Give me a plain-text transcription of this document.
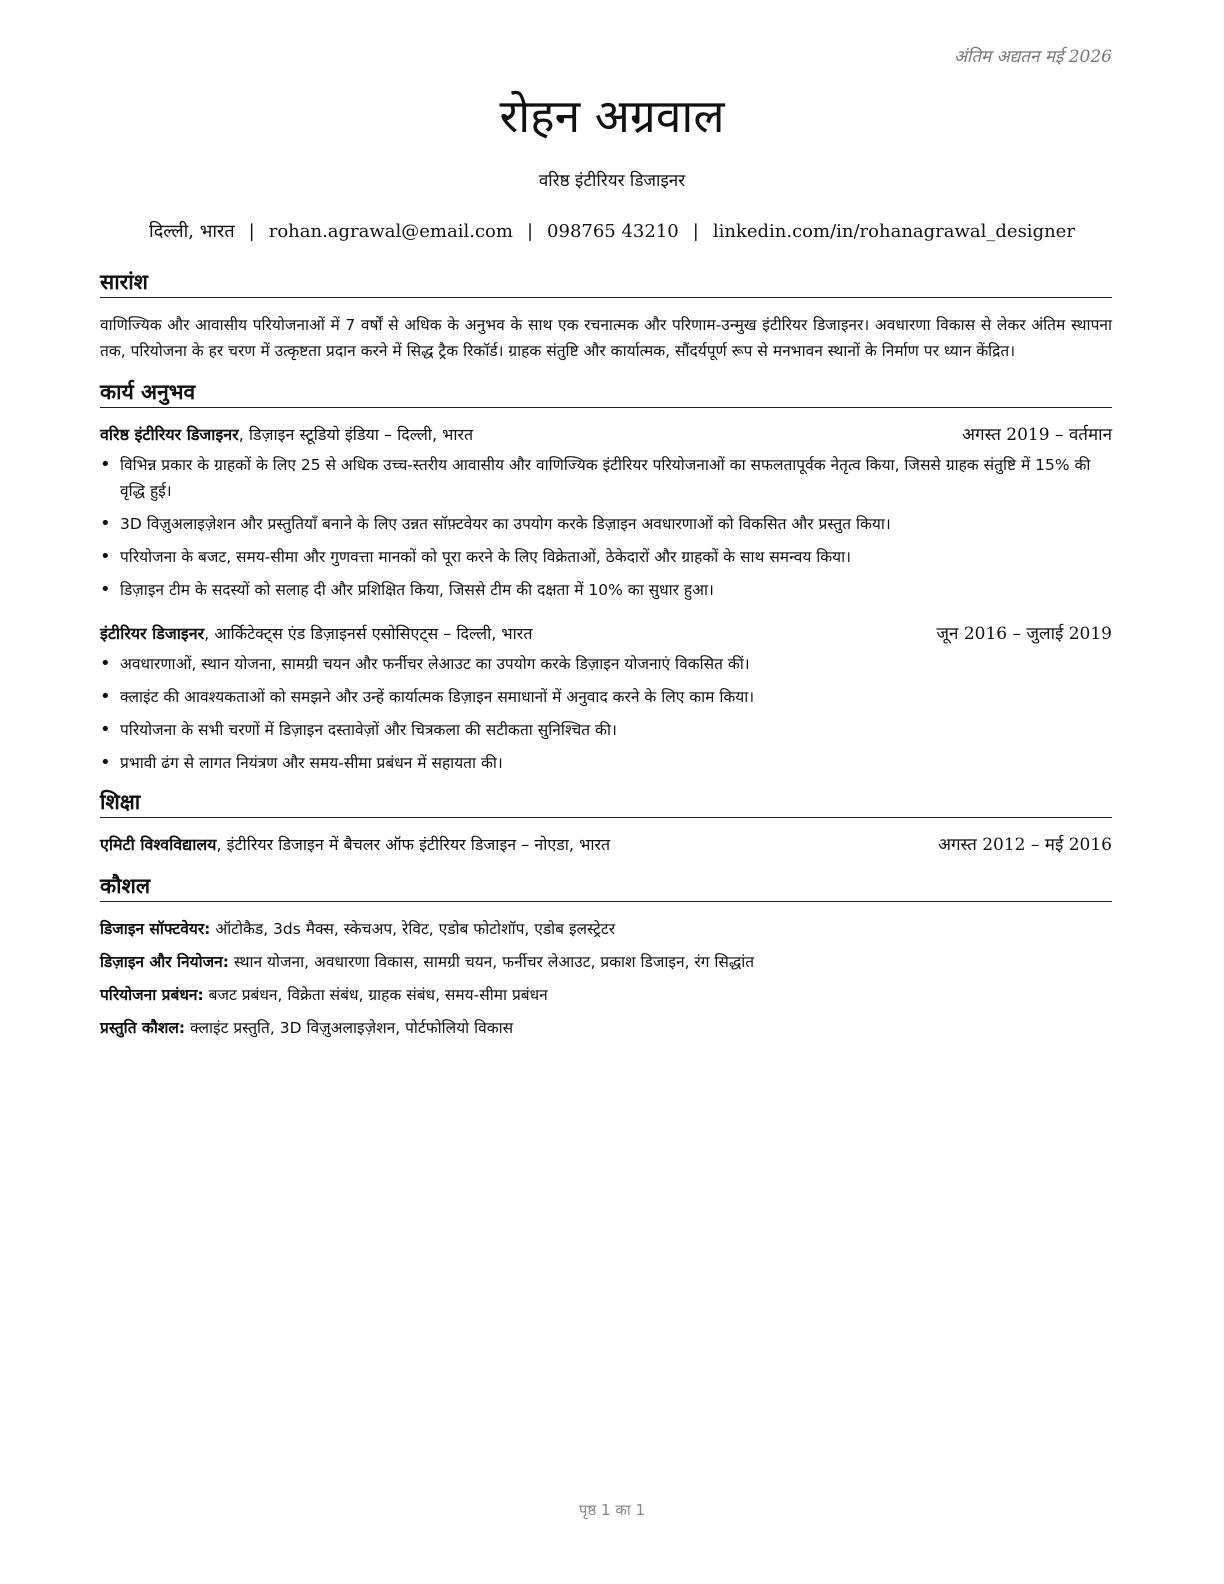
अंतिम अद्यतन मई 2026
रोहन अग्रवाल
वरिष्ठ इंटीरियर डिजाइनर
दिल्ली, भारत | rohan.agrawal@email.com | 098765 43210 | linkedin.com/in/rohanagrawal_designer
सारांश

वाणिज्यिक और आवासीय परियोजनाओं में 7 वर्षों से अधिक के अनुभव के साथ एक रचनात्मक और परिणाम-उन्मुख इंटीरियर डिजाइनर। अवधारणा विकास से लेकर अंतिम स्थापना तक, परियोजना के हर चरण में उत्कृष्टता प्रदान करने में सिद्ध ट्रैक रिकॉर्ड। ग्राहक संतुष्टि और कार्यात्मक, सौंदर्यपूर्ण रूप से मनभावन स्थानों के निर्माण पर ध्यान केंद्रित।

कार्य अनुभव
वरिष्ठ इंटीरियर डिजाइनर, डिज़ाइन स्टूडियो इंडिया – दिल्ली, भारत	अगस्त 2019 – वर्तमान
• विभिन्न प्रकार के ग्राहकों के लिए 25 से अधिक उच्च-स्तरीय आवासीय और वाणिज्यिक इंटीरियर परियोजनाओं का सफलतापूर्वक नेतृत्व किया, जिससे ग्राहक संतुष्टि में 15% की वृद्धि हुई।
• 3D विज़ुअलाइज़ेशन और प्रस्तुतियाँ बनाने के लिए उन्नत सॉफ़्टवेयर का उपयोग करके डिज़ाइन अवधारणाओं को विकसित और प्रस्तुत किया।
• परियोजना के बजट, समय-सीमा और गुणवत्ता मानकों को पूरा करने के लिए विक्रेताओं, ठेकेदारों और ग्राहकों के साथ समन्वय किया।
• डिज़ाइन टीम के सदस्यों को सलाह दी और प्रशिक्षित किया, जिससे टीम की दक्षता में 10% का सुधार हुआ।
इंटीरियर डिजाइनर, आर्किटेक्ट्स एंड डिज़ाइनर्स एसोसिएट्स – दिल्ली, भारत	जून 2016 – जुलाई 2019
• अवधारणाओं, स्थान योजना, सामग्री चयन और फर्नीचर लेआउट का उपयोग करके डिज़ाइन योजनाएं विकसित कीं।
• क्लाइंट की आवश्यकताओं को समझने और उन्हें कार्यात्मक डिज़ाइन समाधानों में अनुवाद करने के लिए काम किया।
• परियोजना के सभी चरणों में डिज़ाइन दस्तावेज़ों और चित्रकला की सटीकता सुनिश्चित की।
• प्रभावी ढंग से लागत नियंत्रण और समय-सीमा प्रबंधन में सहायता की।
शिक्षा
एमिटी विश्वविद्यालय, इंटीरियर डिजाइन में बैचलर ऑफ इंटीरियर डिजाइन – नोएडा, भारत	अगस्त 2012 – मई 2016
कौशल
डिजाइन सॉफ्टवेयर: ऑटोकैड, 3ds मैक्स, स्केचअप, रेविट, एडोब फोटोशॉप, एडोब इलस्ट्रेटर
डिज़ाइन और नियोजन: स्थान योजना, अवधारणा विकास, सामग्री चयन, फर्नीचर लेआउट, प्रकाश डिजाइन, रंग सिद्धांत
परियोजना प्रबंधन: बजट प्रबंधन, विक्रेता संबंध, ग्राहक संबंध, समय-सीमा प्रबंधन
प्रस्तुति कौशल: क्लाइंट प्रस्तुति, 3D विज़ुअलाइज़ेशन, पोर्टफोलियो विकास
पृष्ठ 1 का 1
